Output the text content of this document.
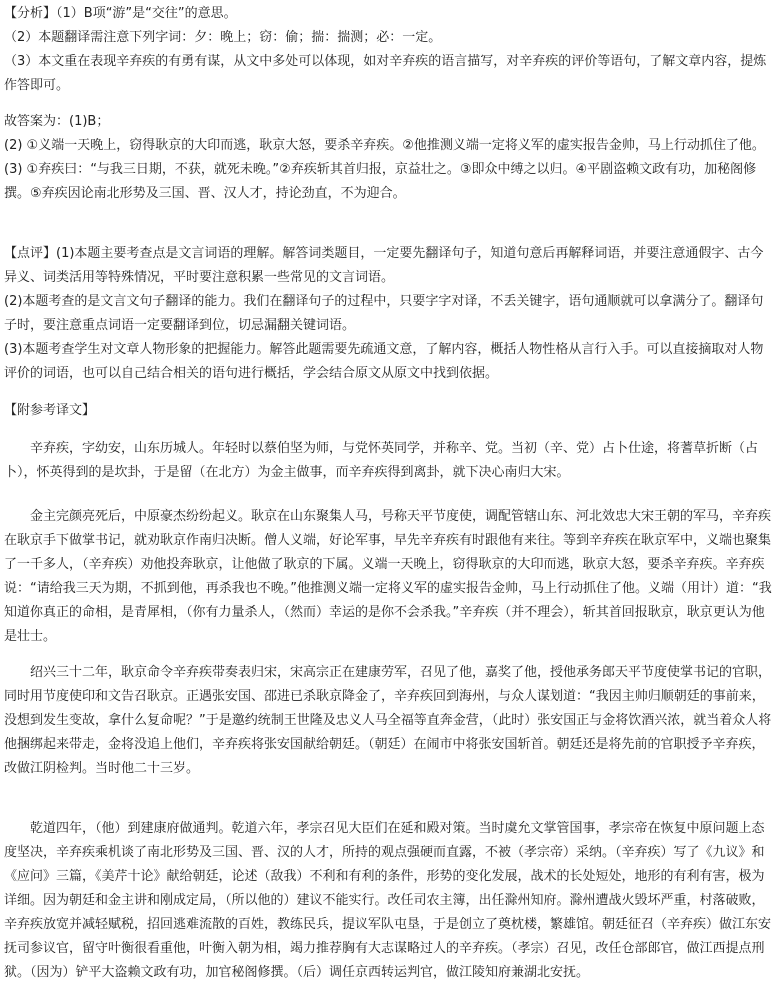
【分析】（1）B项“游”是“交往”的意思。

（2）本题翻译需注意下列字词：夕：晚上；窃：偷；揣：揣测；必：一定。

（3）本文重在表现辛弃疾的有勇有谋，从文中多处可以体现，如对辛弃疾的语言描写，对辛弃疾的评价等语句，了解文章内容，提炼作答即可。

故答案为：(1)B；

(2) ①义端一天晚上，窃得耿京的大印而逃，耿京大怒，要杀辛弃疾。②他推测义端一定将义军的虚实报告金帅，马上行动抓住了他。

(3) ①弃疾曰：“与我三日期，不获，就死未晚。”②弃疾斩其首归报，京益壮之。③即众中缚之以归。④平剧盗赖文政有功，加秘阁修撰。⑤弃疾因论南北形势及三国、晋、汉人才，持论劲直，不为迎合。

【点评】(1)本题主要考查点是文言词语的理解。解答词类题目，一定要先翻译句子，知道句意后再解释词语，并要注意通假字、古今异义、词类活用等特殊情况，平时要注意积累一些常见的文言词语。

(2)本题考查的是文言文句子翻译的能力。我们在翻译句子的过程中，只要字字对译，不丢关键字，语句通顺就可以拿满分了。翻译句子时，要注意重点词语一定要翻译到位，切忌漏翻关键词语。

(3)本题考查学生对文章人物形象的把握能力。解答此题需要先疏通文意，了解内容，概括人物性格从言行入手。可以直接摘取对人物评价的词语，也可以自己结合相关的语句进行概括，学会结合原文从原文中找到依据。

【附参考译文】

辛弃疾，字幼安，山东历城人。年轻时以蔡伯坚为师，与党怀英同学，并称辛、党。当初（辛、党）占卜仕途，将蓍草折断（占卜），怀英得到的是坎卦，于是留（在北方）为金主做事，而辛弃疾得到离卦，就下决心南归大宋。

金主完颜亮死后，中原豪杰纷纷起义。耿京在山东聚集人马，号称天平节度使，调配管辖山东、河北效忠大宋王朝的军马，辛弃疾在耿京手下做掌书记，就劝耿京作南归决断。僧人义端，好论军事，早先辛弃疾有时跟他有来往。等到辛弃疾在耿京军中，义端也聚集了一千多人，（辛弃疾）劝他投奔耿京，让他做了耿京的下属。义端一天晚上，窃得耿京的大印而逃，耿京大怒，要杀辛弃疾。辛弃疾说：“请给我三天为期，不抓到他，再杀我也不晚。”他推测义端一定将义军的虚实报告金帅，马上行动抓住了他。义端（用计）道：“我知道你真正的命相，是青犀相，（你有力量杀人，（然而）幸运的是你不会杀我。”辛弃疾（并不理会），斩其首回报耿京，耿京更认为他是壮士。

绍兴三十二年，耿京命令辛弃疾带奏表归宋，宋高宗正在建康劳军，召见了他，嘉奖了他，授他承务郎天平节度使掌书记的官职，同时用节度使印和文告召耿京。正遇张安国、邵进已杀耿京降金了，辛弃疾回到海州，与众人谋划道：“我因主帅归顺朝廷的事前来，没想到发生变故，拿什么复命呢？”于是邀约统制王世隆及忠义人马全福等直奔金营，（此时）张安国正与金将饮酒兴浓，就当着众人将他捆绑起来带走，金将没追上他们，辛弃疾将张安国献给朝廷。（朝廷）在闹市中将张安国斩首。朝廷还是将先前的官职授予辛弃疾，改做江阴检判。当时他二十三岁。

乾道四年，（他）到建康府做通判。乾道六年，孝宗召见大臣们在延和殿对策。当时虞允文掌管国事，孝宗帝在恢复中原问题上态度坚决，辛弃疾乘机谈了南北形势及三国、晋、汉的人才，所持的观点强硬而直露，不被（孝宗帝）采纳。（辛弃疾）写了《九议》和《应问》三篇，《美芹十论》献给朝廷，论述（敌我）不利和有利的条件，形势的变化发展，战术的长处短处，地形的有利有害，极为详细。因为朝廷和金主讲和刚成定局，（所以他的）建议不能实行。改任司农主簿，出任滁州知府。滁州遭战火毁坏严重，村落破败，辛弃疾放宽并减轻赋税，招回逃难流散的百姓，教练民兵，提议军队屯垦，于是创立了奠枕楼，繁雄馆。朝廷征召（辛弃疾）做江东安抚司参议官，留守叶衡很看重他，叶衡入朝为相，竭力推荐胸有大志谋略过人的辛弃疾。（孝宗）召见，改任仓部郎官，做江西提点刑狱。（因为）铲平大盗赖文政有功，加官秘阁修撰。（后）调任京西转运判官，做江陵知府兼湖北安抚。
